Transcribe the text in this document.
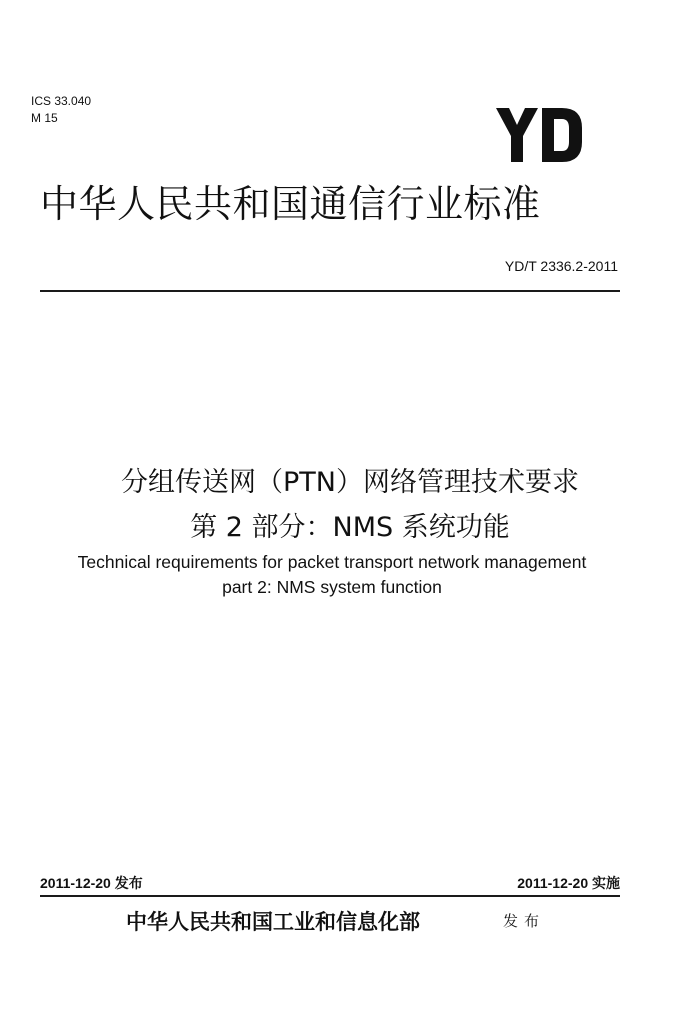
ICS 33.040
M 15
中华人民共和国通信行业标准
YD/T 2336.2-2011
分组传送网（PTN）网络管理技术要求
第 2 部分：NMS 系统功能
Technical requirements for packet transport network management
part 2: NMS system function
2011-12-20 发布	2011-12-20 实施
中华人民共和国工业和信息化部	发布
